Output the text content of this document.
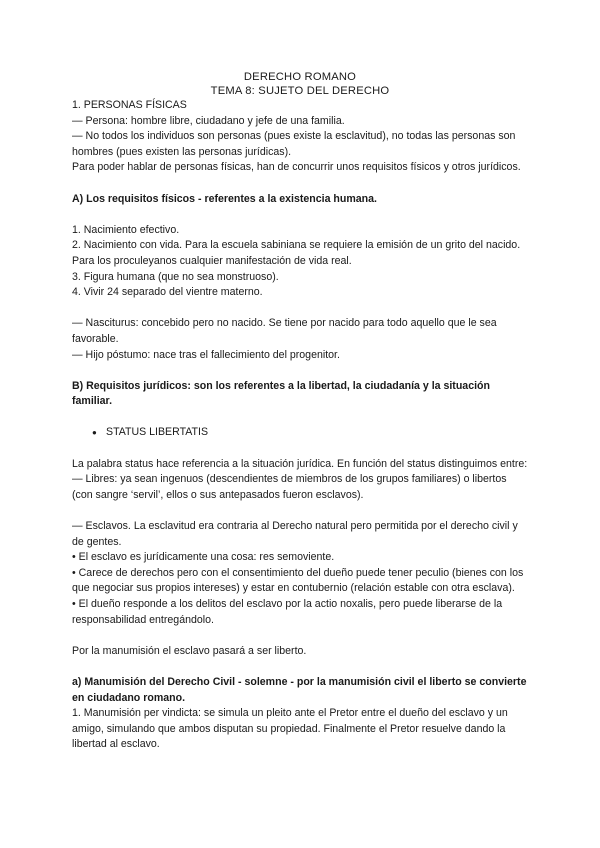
DERECHO ROMANO

TEMA 8: SUJETO DEL DERECHO

1. PERSONAS FÍSICAS

— Persona: hombre libre, ciudadano y jefe de una familia.

— No todos los individuos son personas (pues existe la esclavitud), no todas las personas son hombres (pues existen las personas jurídicas).

Para poder hablar de personas físicas, han de concurrir unos requisitos físicos y otros jurídicos.

A) Los requisitos físicos - referentes a la existencia humana.

1. Nacimiento efectivo.

2. Nacimiento con vida. Para la escuela sabiniana se requiere la emisión de un grito del nacido. Para los proculeyanos cualquier manifestación de vida real.

3. Figura humana (que no sea monstruoso).

4. Vivir 24 separado del vientre materno.

— Nasciturus: concebido pero no nacido. Se tiene por nacido para todo aquello que le sea favorable.

— Hijo póstumo: nace tras el fallecimiento del progenitor.

B) Requisitos jurídicos: son los referentes a la libertad, la ciudadanía y la situación familiar.

● STATUS LIBERTATIS

La palabra status hace referencia a la situación jurídica. En función del status distinguimos entre:

— Libres: ya sean ingenuos (descendientes de miembros de los grupos familiares) o libertos (con sangre ‘servil’, ellos o sus antepasados fueron esclavos).

— Esclavos. La esclavitud era contraria al Derecho natural pero permitida por el derecho civil y de gentes.

• El esclavo es jurídicamente una cosa: res semoviente.

• Carece de derechos pero con el consentimiento del dueño puede tener peculio (bienes con los que negociar sus propios intereses) y estar en contubernio (relación estable con otra esclava).

• El dueño responde a los delitos del esclavo por la actio noxalis, pero puede liberarse de la responsabilidad entregándolo.

Por la manumisión el esclavo pasará a ser liberto.

a) Manumisión del Derecho Civil - solemne - por la manumisión civil el liberto se convierte en ciudadano romano.

1. Manumisión per vindicta: se simula un pleito ante el Pretor entre el dueño del esclavo y un amigo, simulando que ambos disputan su propiedad. Finalmente el Pretor resuelve dando la libertad al esclavo.
